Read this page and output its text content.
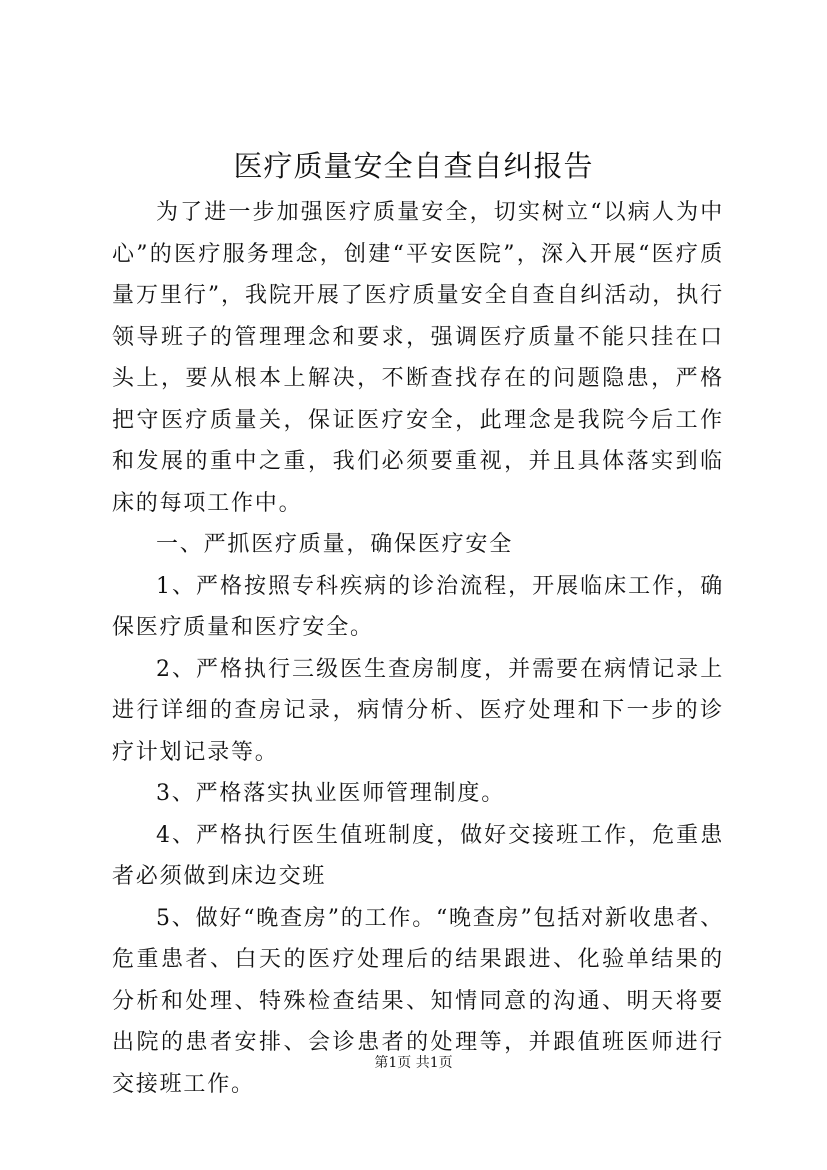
医疗质量安全自查自纠报告

为了进一步加强医疗质量安全，切实树立“以病人为中心”的医疗服务理念，创建“平安医院”，深入开展“医疗质量万里行”，我院开展了医疗质量安全自查自纠活动，执行领导班子的管理理念和要求，强调医疗质量不能只挂在口头上，要从根本上解决，不断查找存在的问题隐患，严格把守医疗质量关，保证医疗安全，此理念是我院今后工作和发展的重中之重，我们必须要重视，并且具体落实到临床的每项工作中。

一、严抓医疗质量，确保医疗安全

1、严格按照专科疾病的诊治流程，开展临床工作，确保医疗质量和医疗安全。

2、严格执行三级医生查房制度，并需要在病情记录上进行详细的查房记录，病情分析、医疗处理和下一步的诊疗计划记录等。

3、严格落实执业医师管理制度。

4、严格执行医生值班制度，做好交接班工作，危重患者必须做到床边交班

5、做好“晚查房”的工作。“晚查房”包括对新收患者、危重患者、白天的医疗处理后的结果跟进、化验单结果的分析和处理、特殊检查结果、知情同意的沟通、明天将要出院的患者安排、会诊患者的处理等，并跟值班医师进行交接班工作。

第1页 共1页
